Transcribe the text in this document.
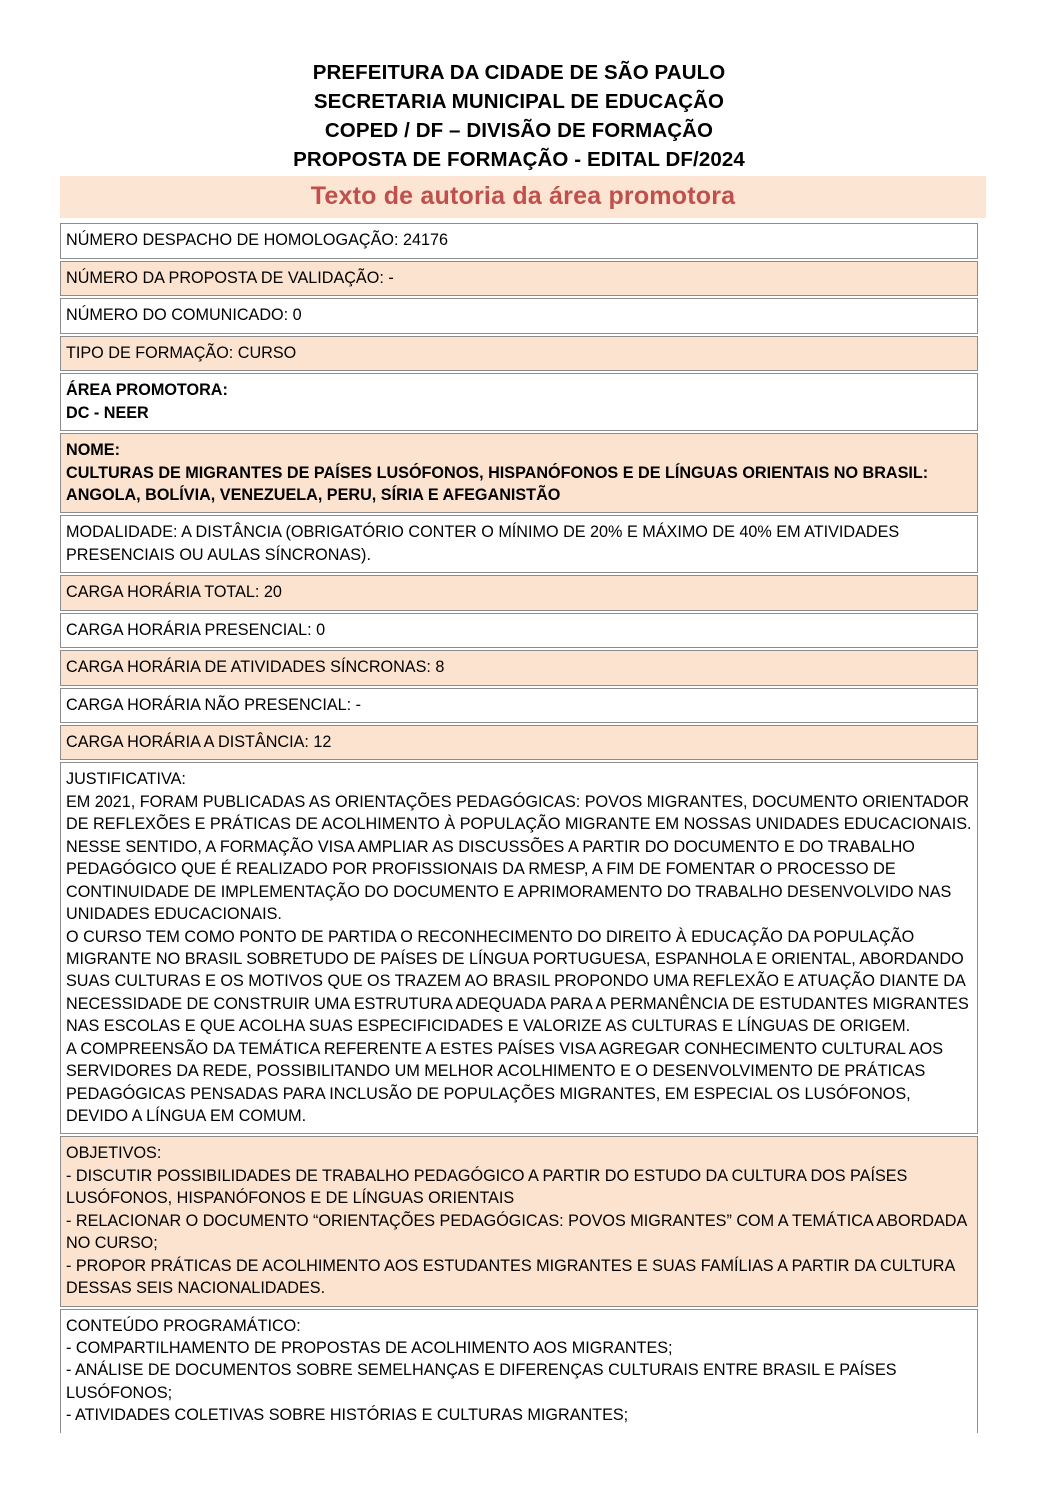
PREFEITURA DA CIDADE DE SÃO PAULO
SECRETARIA MUNICIPAL DE EDUCAÇÃO
COPED / DF – DIVISÃO DE FORMAÇÃO
PROPOSTA DE FORMAÇÃO - EDITAL DF/2024
Texto de autoria da área promotora
NÚMERO DESPACHO DE HOMOLOGAÇÃO: 24176
NÚMERO DA PROPOSTA DE VALIDAÇÃO: -
NÚMERO DO COMUNICADO: 0
TIPO DE FORMAÇÃO: CURSO

ÁREA PROMOTORA:

DC - NEER

NOME:

CULTURAS DE MIGRANTES DE PAÍSES LUSÓFONOS, HISPANÓFONOS E DE LÍNGUAS ORIENTAIS NO BRASIL:

ANGOLA, BOLÍVIA, VENEZUELA, PERU, SÍRIA E AFEGANISTÃO

MODALIDADE: A DISTÂNCIA (OBRIGATÓRIO CONTER O MÍNIMO DE 20% E MÁXIMO DE 40% EM ATIVIDADES PRESENCIAIS OU AULAS SÍNCRONAS).
CARGA HORÁRIA TOTAL: 20
CARGA HORÁRIA PRESENCIAL: 0
CARGA HORÁRIA DE ATIVIDADES SÍNCRONAS: 8
CARGA HORÁRIA NÃO PRESENCIAL: -
CARGA HORÁRIA A DISTÂNCIA: 12

JUSTIFICATIVA:

EM 2021, FORAM PUBLICADAS AS ORIENTAÇÕES PEDAGÓGICAS: POVOS MIGRANTES, DOCUMENTO ORIENTADOR DE REFLEXÕES E PRÁTICAS DE ACOLHIMENTO À POPULAÇÃO MIGRANTE EM NOSSAS UNIDADES EDUCACIONAIS.

NESSE SENTIDO, A FORMAÇÃO VISA AMPLIAR AS DISCUSSÕES A PARTIR DO DOCUMENTO E DO TRABALHO PEDAGÓGICO QUE É REALIZADO POR PROFISSIONAIS DA RMESP, A FIM DE FOMENTAR O PROCESSO DE CONTINUIDADE DE IMPLEMENTAÇÃO DO DOCUMENTO E APRIMORAMENTO DO TRABALHO DESENVOLVIDO NAS UNIDADES EDUCACIONAIS.

O CURSO TEM COMO PONTO DE PARTIDA O RECONHECIMENTO DO DIREITO À EDUCAÇÃO DA POPULAÇÃO MIGRANTE NO BRASIL SOBRETUDO DE PAÍSES DE LÍNGUA PORTUGUESA, ESPANHOLA E ORIENTAL, ABORDANDO SUAS CULTURAS E OS MOTIVOS QUE OS TRAZEM AO BRASIL PROPONDO UMA REFLEXÃO E ATUAÇÃO DIANTE DA NECESSIDADE DE CONSTRUIR UMA ESTRUTURA ADEQUADA PARA A PERMANÊNCIA DE ESTUDANTES MIGRANTES NAS ESCOLAS E QUE ACOLHA SUAS ESPECIFICIDADES E VALORIZE AS CULTURAS E LÍNGUAS DE ORIGEM.

A COMPREENSÃO DA TEMÁTICA REFERENTE A ESTES PAÍSES VISA AGREGAR CONHECIMENTO CULTURAL AOS SERVIDORES DA REDE, POSSIBILITANDO UM MELHOR ACOLHIMENTO E O DESENVOLVIMENTO DE PRÁTICAS PEDAGÓGICAS PENSADAS PARA INCLUSÃO DE POPULAÇÕES MIGRANTES, EM ESPECIAL OS LUSÓFONOS, DEVIDO A LÍNGUA EM COMUM.

OBJETIVOS:

- DISCUTIR POSSIBILIDADES DE TRABALHO PEDAGÓGICO A PARTIR DO ESTUDO DA CULTURA DOS PAÍSES LUSÓFONOS, HISPANÓFONOS E DE LÍNGUAS ORIENTAIS

- RELACIONAR O DOCUMENTO “ORIENTAÇÕES PEDAGÓGICAS: POVOS MIGRANTES” COM A TEMÁTICA ABORDADA NO CURSO;

- PROPOR PRÁTICAS DE ACOLHIMENTO AOS ESTUDANTES MIGRANTES E SUAS FAMÍLIAS A PARTIR DA CULTURA DESSAS SEIS NACIONALIDADES.

CONTEÚDO PROGRAMÁTICO:

- COMPARTILHAMENTO DE PROPOSTAS DE ACOLHIMENTO AOS MIGRANTES;

- ANÁLISE DE DOCUMENTOS SOBRE SEMELHANÇAS E DIFERENÇAS CULTURAIS ENTRE BRASIL E PAÍSES LUSÓFONOS;

- ATIVIDADES COLETIVAS SOBRE HISTÓRIAS E CULTURAS MIGRANTES;
